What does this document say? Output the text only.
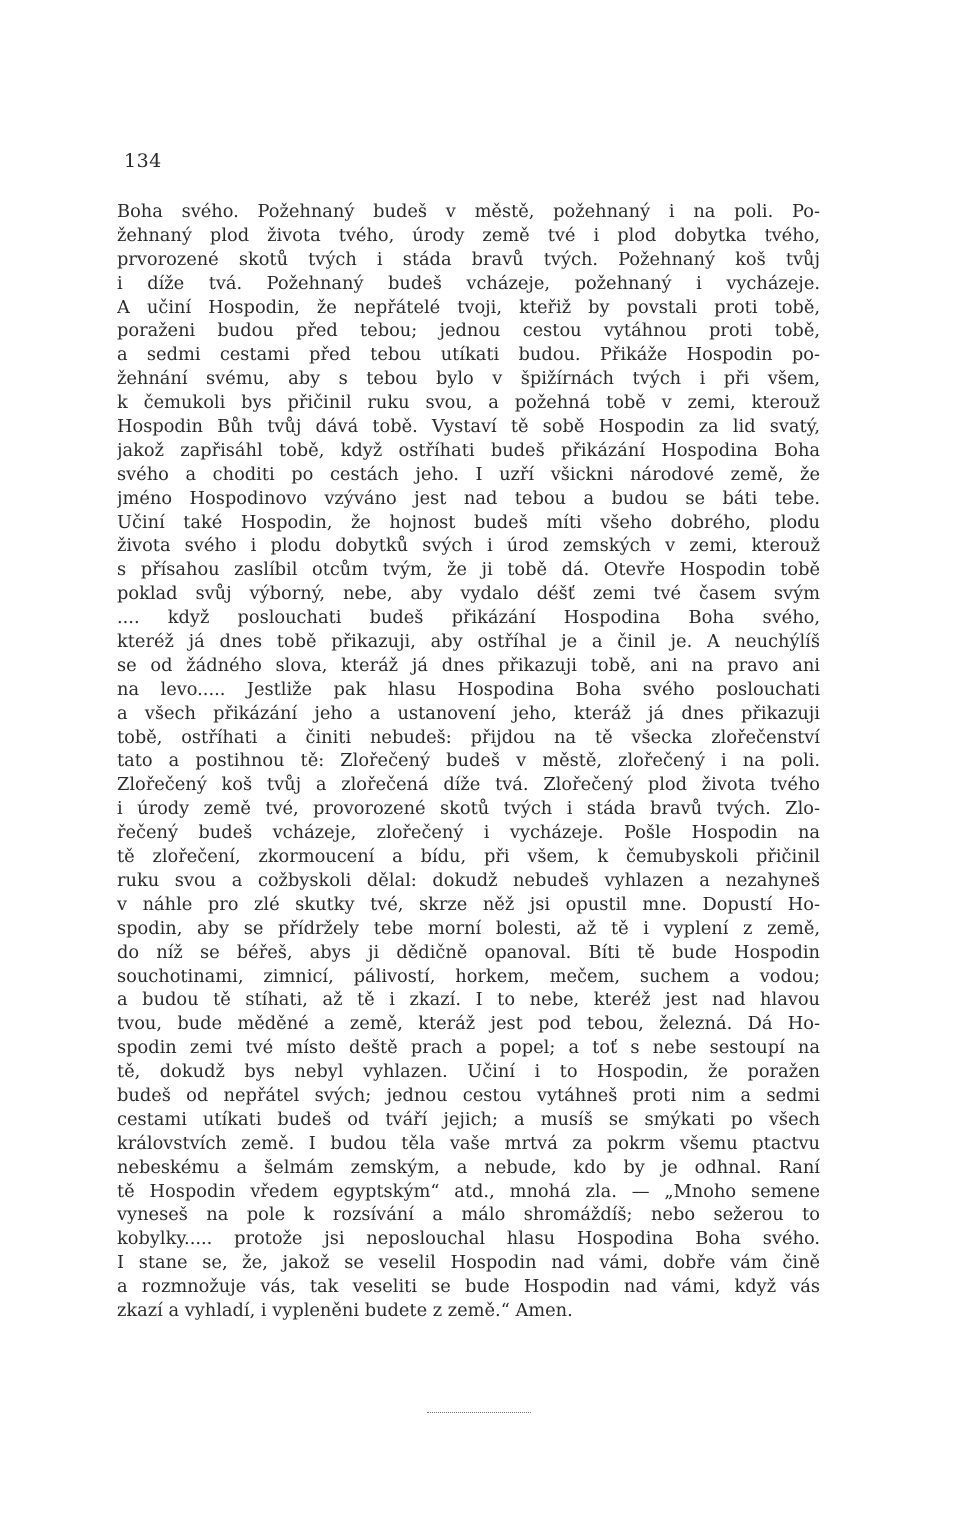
134
Boha svého. Požehnaný budeš v městě, požehnaný i na poli. Po-
žehnaný plod života tvého, úrody země tvé i plod dobytka tvého,
prvorozené skotů tvých i stáda bravů tvých. Požehnaný koš tvůj
i díže tvá. Požehnaný budeš vcházeje, požehnaný i vycházeje.
A učiní Hospodin, že nepřátelé tvoji, kteřiž by povstali proti tobě,
poraženi budou před tebou; jednou cestou vytáhnou proti tobě,
a sedmi cestami před tebou utíkati budou. Přikáže Hospodin po-
žehnání svému, aby s tebou bylo v špižírnách tvých i při všem,
k čemukoli bys přičinil ruku svou, a požehná tobě v zemi, kterouž
Hospodin Bůh tvůj dává tobě. Vystaví tě sobě Hospodin za lid svatý,
jakož zapřisáhl tobě, když ostříhati budeš přikázání Hospodina Boha
svého a choditi po cestách jeho. I uzří všickni národové země, že
jméno Hospodinovo vzýváno jest nad tebou a budou se báti tebe.
Učiní také Hospodin, že hojnost budeš míti všeho dobrého, plodu
života svého i plodu dobytků svých i úrod zemských v zemi, kterouž
s přísahou zaslíbil otcům tvým, že ji tobě dá. Otevře Hospodin tobě
poklad svůj výborný, nebe, aby vydalo déšť zemi tvé časem svým
.... když poslouchati budeš přikázání Hospodina Boha svého,
kteréž já dnes tobě přikazuji, aby ostříhal je a činil je. A neuchýlíš
se od žádného slova, kteráž já dnes přikazuji tobě, ani na pravo ani
na levo..... Jestliže pak hlasu Hospodina Boha svého poslouchati
a všech přikázání jeho a ustanovení jeho, kteráž já dnes přikazuji
tobě, ostříhati a činiti nebudeš: přijdou na tě všecka zlořečenství
tato a postihnou tě: Zlořečený budeš v městě, zlořečený i na poli.
Zlořečený koš tvůj a zlořečená díže tvá. Zlořečený plod života tvého
i úrody země tvé, provorozené skotů tvých i stáda bravů tvých. Zlo-
řečený budeš vcházeje, zlořečený i vycházeje. Pošle Hospodin na
tě zlořečení, zkormoucení a bídu, při všem, k čemubyskoli přičinil
ruku svou a cožbyskoli dělal: dokudž nebudeš vyhlazen a nezahyneš
v náhle pro zlé skutky tvé, skrze něž jsi opustil mne. Dopustí Ho-
spodin, aby se přídržely tebe morní bolesti, až tě i vyplení z země,
do níž se béřeš, abys ji dědičně opanoval. Bíti tě bude Hospodin
souchotinami, zimnicí, pálivostí, horkem, mečem, suchem a vodou;
a budou tě stíhati, až tě i zkazí. I to nebe, kteréž jest nad hlavou
tvou, bude měděné a země, kteráž jest pod tebou, železná. Dá Ho-
spodin zemi tvé místo deště prach a popel; a toť s nebe sestoupí na
tě, dokudž bys nebyl vyhlazen. Učiní i to Hospodin, že poražen
budeš od nepřátel svých; jednou cestou vytáhneš proti nim a sedmi
cestami utíkati budeš od tváří jejich; a musíš se smýkati po všech
královstvích země. I budou těla vaše mrtvá za pokrm všemu ptactvu
nebeskému a šelmám zemským, a nebude, kdo by je odhnal. Raní
tě Hospodin vředem egyptským“ atd., mnohá zla. — „Mnoho semene
vyneseš na pole k rozsívání a málo shromáždíš; nebo sežerou to
kobylky..... protože jsi neposlouchal hlasu Hospodina Boha svého.
I stane se, že, jakož se veselil Hospodin nad vámi, dobře vám čině
a rozmnožuje vás, tak veseliti se bude Hospodin nad vámi, když vás
zkazí a vyhladí, i vypleněni budete z země.“ Amen.
